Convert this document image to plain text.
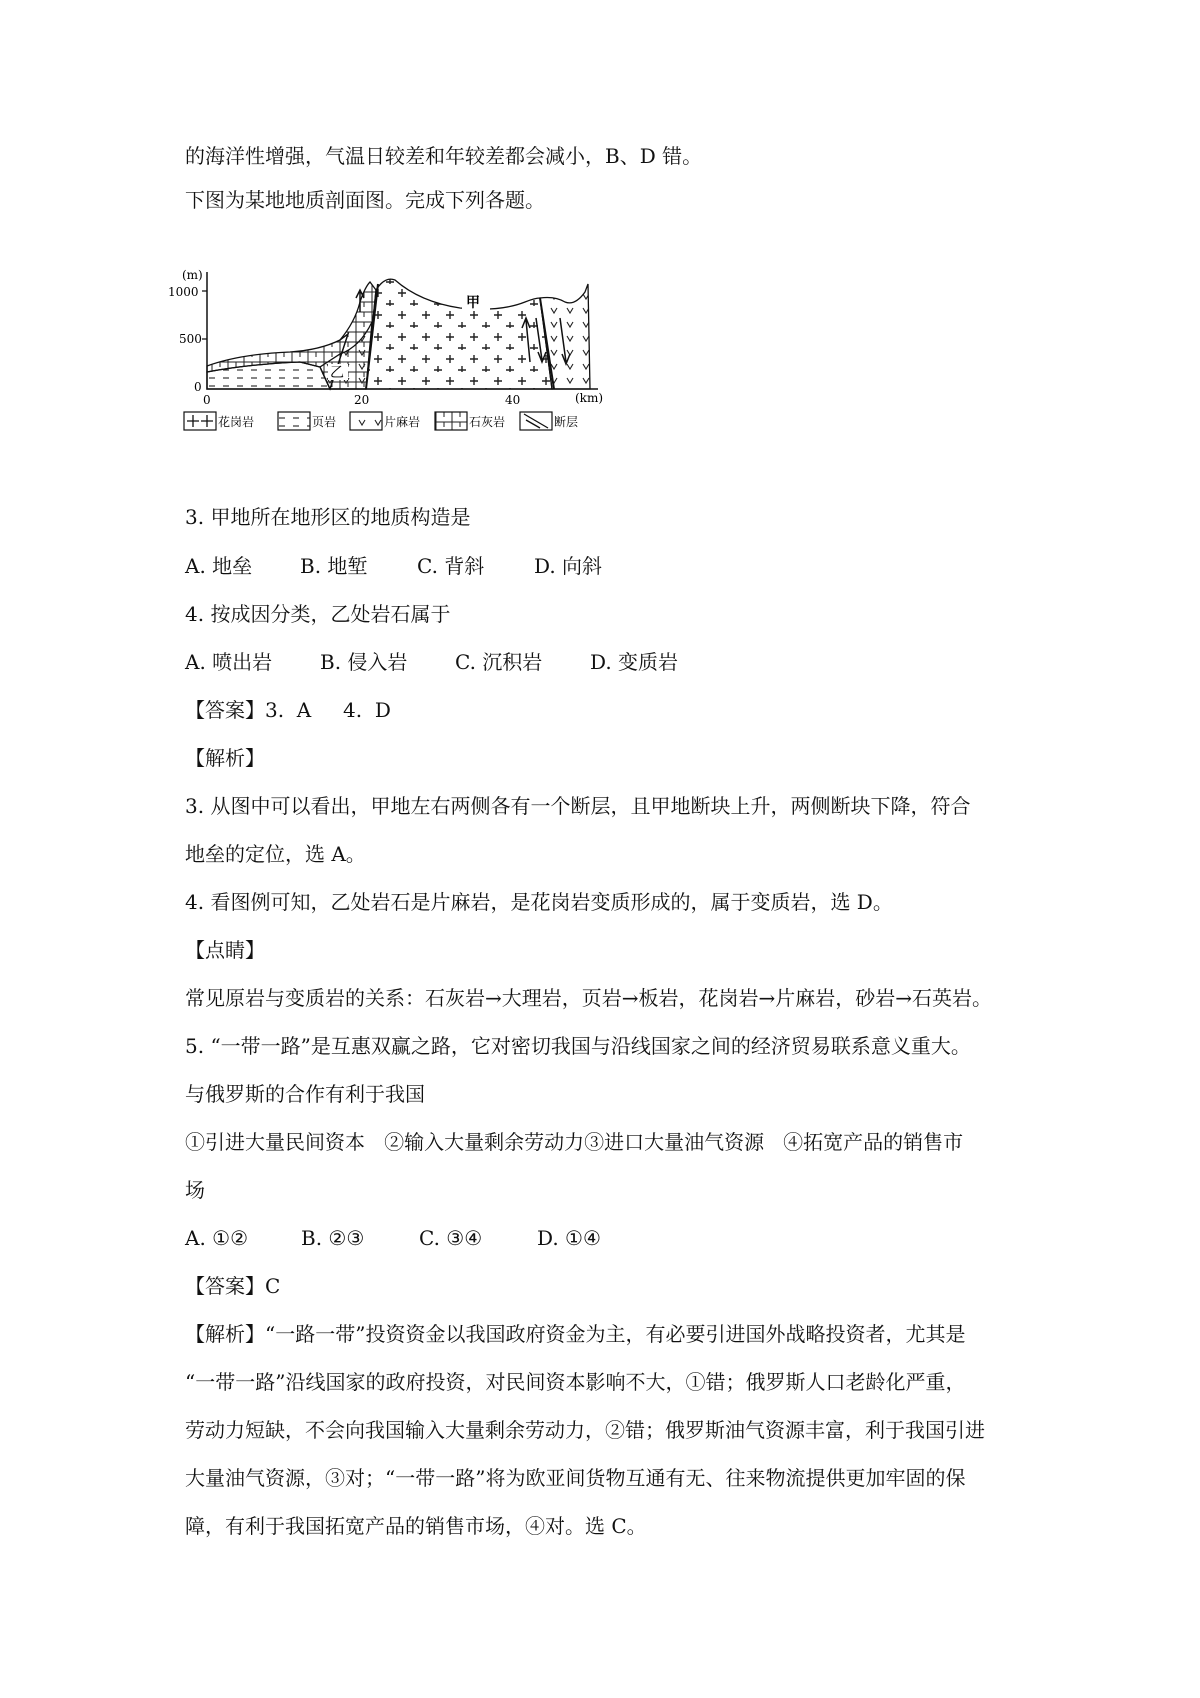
的海洋性增强，气温日较差和年较差都会减小，B、D 错。
下图为某地地质剖面图。完成下列各题。
(m)
(km)
1000
500
0
0	20	40
甲
乙
花岗岩	页岩	片麻岩	石灰岩	断层
3. 甲地所在地形区的地质构造是
A. 地垒 B. 地堑 C. 背斜 D. 向斜
4. 按成因分类，乙处岩石属于
A. 喷出岩 B. 侵入岩 C. 沉积岩 D. 变质岩
【答案】3.  A     4.  D
【解析】
3. 从图中可以看出，甲地左右两侧各有一个断层，且甲地断块上升，两侧断块下降，符合
地垒的定位，选 A。
4. 看图例可知，乙处岩石是片麻岩，是花岗岩变质形成的，属于变质岩，选 D。
【点睛】
常见原岩与变质岩的关系：石灰岩→大理岩，页岩→板岩，花岗岩→片麻岩，砂岩→石英岩。
5. “一带一路”是互惠双赢之路，它对密切我国与沿线国家之间的经济贸易联系意义重大。
与俄罗斯的合作有利于我国
①引进大量民间资本   ②输入大量剩余劳动力③进口大量油气资源   ④拓宽产品的销售市
场
A. ①②	B. ②③	C. ③④	D. ①④
【答案】C
【解析】“一路一带”投资资金以我国政府资金为主，有必要引进国外战略投资者，尤其是
“一带一路”沿线国家的政府投资，对民间资本影响不大，①错；俄罗斯人口老龄化严重，
劳动力短缺，不会向我国输入大量剩余劳动力，②错；俄罗斯油气资源丰富，利于我国引进
大量油气资源，③对；“一带一路”将为欧亚间货物互通有无、往来物流提供更加牢固的保
障，有利于我国拓宽产品的销售市场，④对。选 C。
